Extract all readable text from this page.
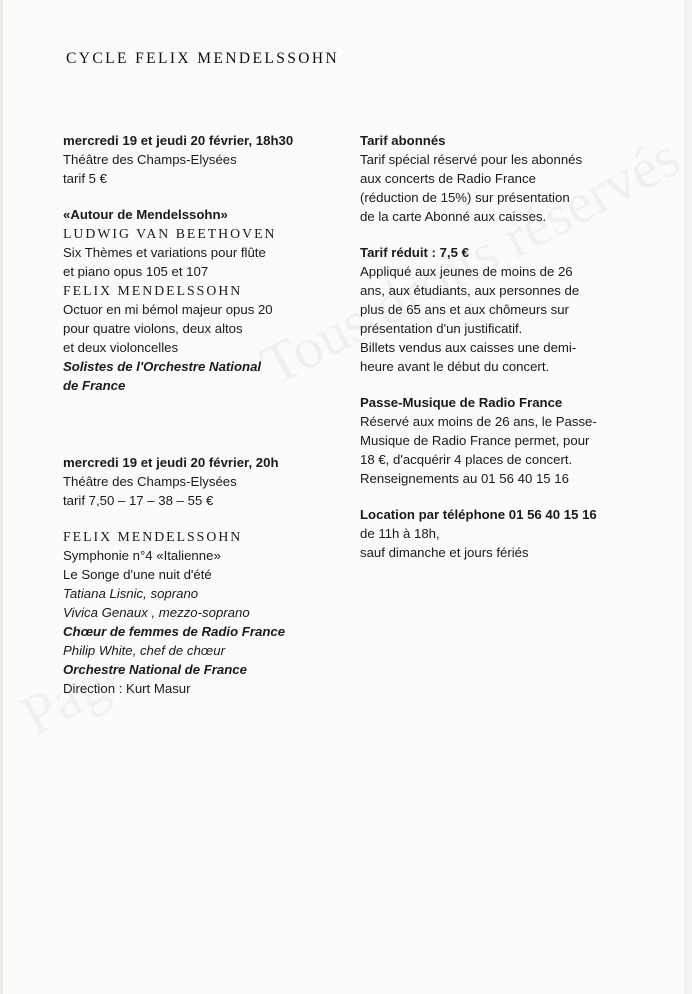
CYCLE FELIX MENDELSSOHN
mercredi 19 et jeudi 20 février, 18h30
Théâtre des Champs-Elysées
tarif 5 €
«Autour de Mendelssohn»
LUDWIG VAN BEETHOVEN
Six Thèmes et variations pour flûte
et piano opus 105 et 107
FELIX MENDELSSOHN
Octuor en mi bémol majeur opus 20
pour quatre violons, deux altos
et deux violoncelles
Solistes de l'Orchestre National
de France
mercredi 19 et jeudi 20 février, 20h
Théâtre des Champs-Elysées
tarif 7,50 – 17 – 38 – 55 €
FELIX MENDELSSOHN
Symphonie n°4 «Italienne»
Le Songe d'une nuit d'été
Tatiana Lisnic, soprano
Vivica Genaux , mezzo-soprano
Chœur de femmes de Radio France
Philip White, chef de chœur
Orchestre National de France
Direction : Kurt Masur
Tarif abonnés
Tarif spécial réservé pour les abonnés
aux concerts de Radio France
(réduction de 15%) sur présentation
de la carte Abonné aux caisses.
Tarif réduit : 7,5 €
Appliqué aux jeunes de moins de 26
ans, aux étudiants, aux personnes de
plus de 65 ans et aux chômeurs sur
présentation d'un justificatif.
Billets vendus aux caisses une demi-
heure avant le début du concert.
Passe-Musique de Radio France
Réservé aux moins de 26 ans, le Passe-
Musique de Radio France permet, pour
18 €, d'acquérir 4 places de concert.
Renseignements au 01 56 40 15 16
Location par téléphone 01 56 40 15 16
de 11h à 18h,
sauf dimanche et jours fériés
